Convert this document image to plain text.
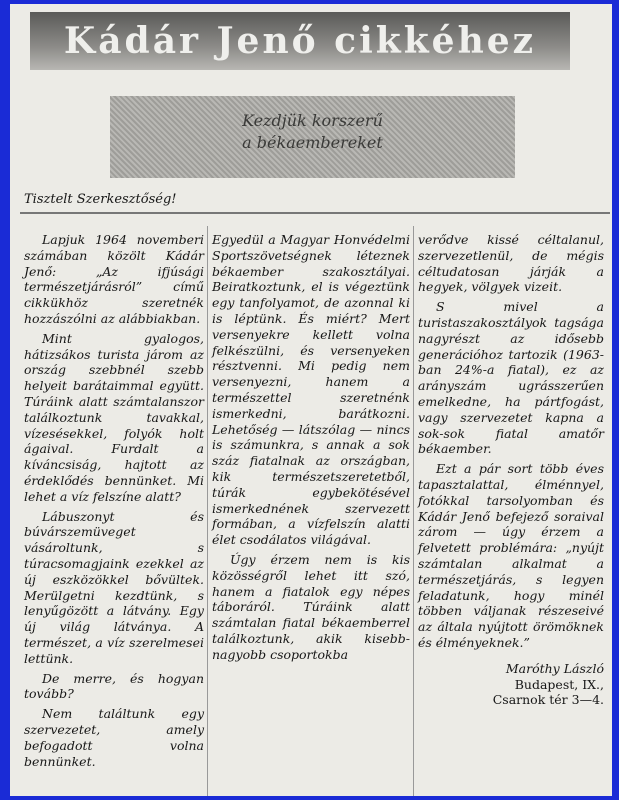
Kádár Jenő cikkéhez
Kezdjük korszerű
a békaembereket
Tisztelt Szerkesztőség!

Lapjuk 1964 novemberi számában közölt Kádár Jenő: „Az ifjúsági természetjárásról” című cikkükhöz szeretnék hozzászólni az alábbiakban.

Mint gyalogos, hátizsákos turista járom az ország szebbnél szebb helyeit barátaimmal együtt. Túráink alatt számtalanszor találkoztunk tavakkal, vízesésekkel, folyók holt ágaival. Furdalt a kíváncsiság, hajtott az érdeklődés bennünket. Mi lehet a víz felszíne alatt?

Lábuszonyt és búvárszemüveget vásároltunk, s túracsomagjaink ezekkel az új eszközökkel bővültek. Merülgetni kezdtünk, s lenyűgözött a látvány. Egy új világ látványa. A természet, a víz szerelmesei lettünk.

De merre, és hogyan tovább?

Nem találtunk egy szervezetet, amely befogadott volna bennünket.

Egyedül a Magyar Honvédelmi Sportszövetségnek léteznek békaember szakosztályai. Beiratkoztunk, el is végeztünk egy tanfolyamot, de azonnal ki is léptünk. És miért? Mert versenyekre kellett volna felkészülni, és versenyeken résztvenni. Mi pedig nem versenyezni, hanem a természettel szeretnénk ismerkedni, barátkozni. Lehetőség — látszólag — nincs is számunkra, s annak a sok száz fiatalnak az országban, kik természetszeretetből, túrák egybekötésével ismerkednének szervezett formában, a vízfelszín alatti élet csodálatos világával.

Úgy érzem nem is kis közösségről lehet itt szó, hanem a fiatalok egy népes táboráról. Túráink alatt számtalan fiatal békaemberrel találkoztunk, akik kisebb-nagyobb csoportokba

verődve kissé céltalanul, szervezetlenül, de mégis céltudatosan járják a hegyek, völgyek vizeit.

S mivel a turistaszakosztályok tagsága nagyrészt az idősebb generációhoz tartozik (1963-ban 24%-a fiatal), ez az arányszám ugrásszerűen emelkedne, ha pártfogást, vagy szervezetet kapna a sok-sok fiatal amatőr békaember.

Ezt a pár sort több éves tapasztalattal, élménnyel, fotókkal tarsolyomban és Kádár Jenő befejező soraival zárom — úgy érzem a felvetett problémára: „nyújt számtalan alkalmat a természetjárás, s legyen feladatunk, hogy minél többen váljanak részeseivé az általa nyújtott örömöknek és élményeknek.”

Maróthy László
Budapest, IX.,
Csarnok tér 3—4.
